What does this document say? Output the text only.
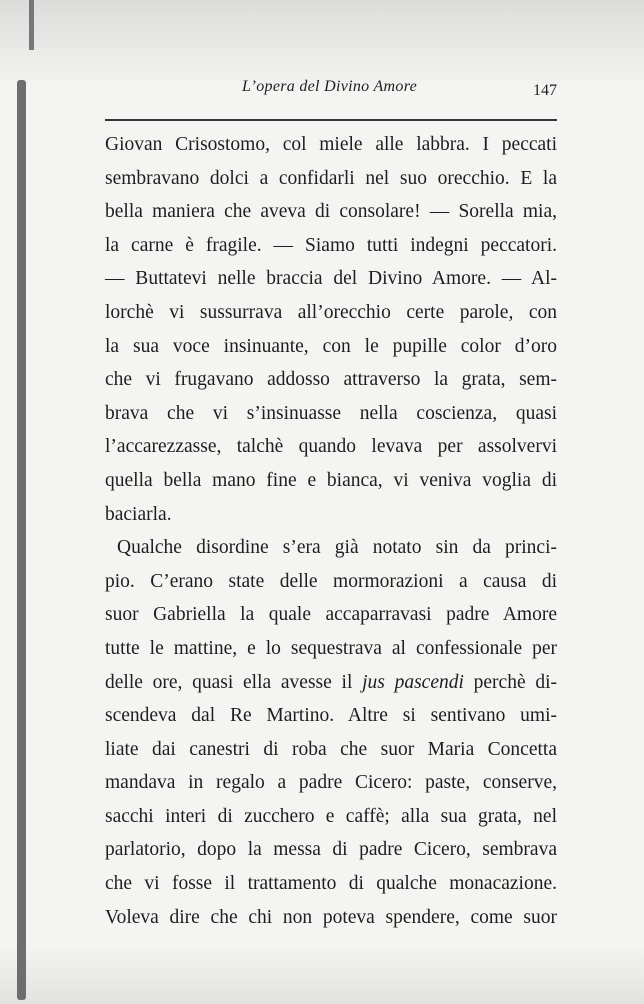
L’opera del Divino Amore	147
Giovan Crisostomo, col miele alle labbra. I peccati
sembravano dolci a confidarli nel suo orecchio. E la
bella maniera che aveva di consolare! — Sorella mia,
la carne è fragile. — Siamo tutti indegni peccatori.
— Buttatevi nelle braccia del Divino Amore. — Al-
lorchè vi sussurrava all’orecchio certe parole, con
la sua voce insinuante, con le pupille color d’oro
che vi frugavano addosso attraverso la grata, sem-
brava che vi s’insinuasse nella coscienza, quasi
l’accarezzasse, talchè quando levava per assolvervi
quella bella mano fine e bianca, vi veniva voglia di
baciarla.
Qualche disordine s’era già notato sin da princi-
pio. C’erano state delle mormorazioni a causa di
suor Gabriella la quale accaparravasi padre Amore
tutte le mattine, e lo sequestrava al confessionale per
delle ore, quasi ella avesse il jus pascendi perchè di-
scendeva dal Re Martino. Altre si sentivano umi-
liate dai canestri di roba che suor Maria Concetta
mandava in regalo a padre Cicero: paste, conserve,
sacchi interi di zucchero e caffè; alla sua grata, nel
parlatorio, dopo la messa di padre Cicero, sembrava
che vi fosse il trattamento di qualche monacazione.
Voleva dire che chi non poteva spendere, come suor
